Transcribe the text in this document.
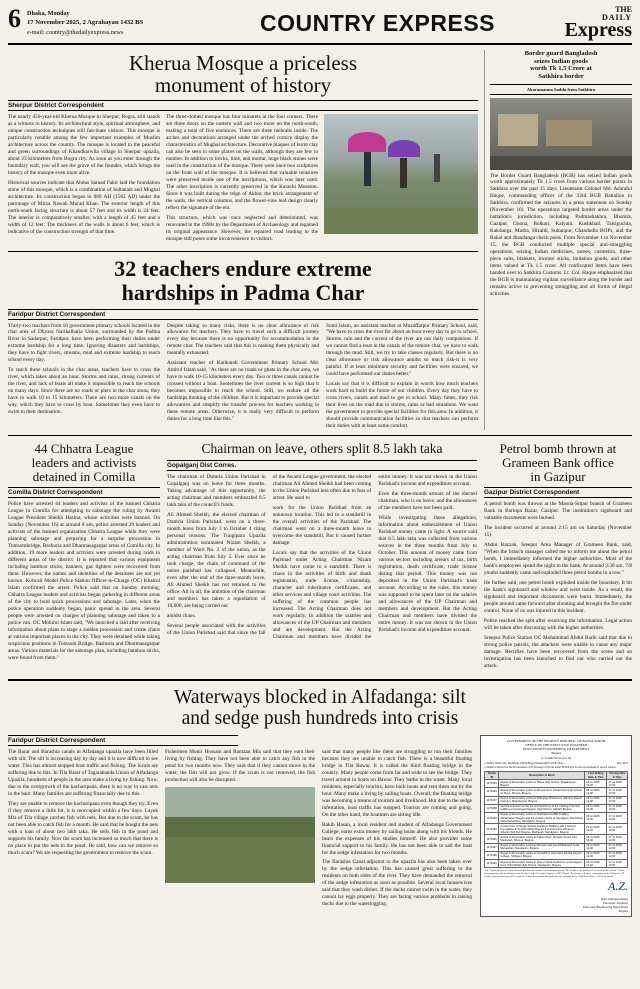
6 Dhaka, Monday
17 November 2025, 2 Agrahayan 1432 BS
e-mail: country@thedailyexpress.news	COUNTRY EXPRESS
THE
DAILY
Express
Kherua Mosque a priceless
monument of history
Sherpur District Correspondent

The nearly 450-year-old Kherua Mosque in Sherpur, Bogra, still stands as a witness to history. Its architectural style, spiritual atmosphere, and unique construction techniques still fascinate visitors. This mosque is particularly notable among the few important examples of Muslim architecture across the country. The mosque is located in the peaceful and green surroundings of Khandkarwila village in Sherpur upazila, about 23 kilometres from Bogra city. As soon as you enter through the boundary wall, you will see the grave of the founder, which brings the history of the mosque even more alive.

Historical sources indicate that Abdus Samad Fakir laid the foundation stone of this mosque, which is a combination of Sultanate and Mughal architecture. Its construction began in 989 AH (1582 AD) under the patronage of Mirza Nawab Murad Khan. The exterior length of this north-south facing structure is about 57 feet and its width is 24 feet. The interior is comparatively smaller, with a length of 45 feet and a width of 12 feet. The thickness of the walls is about 6 feet, which is indicative of the construction strength of that time.

The three-domed mosque has four minarets at the four corners. There are three doors on the eastern wall and two more on the north-south, making a total of five entrances. There are three mehrabs inside. The arches and decorations arranged under the arched cornice display the characteristics of Mughal architecture. Decorative plaques of burnt clay can also be seen in some places on the walls, although they are few in number. In addition to bricks, lime, and mortar, huge black stones were used in the construction of the mosque. There were once two sculptures on the front wall of the mosque. It is believed that valuable treasures were preserved inside one of the inscriptions, which was later used. The other inscription is currently preserved in the Karachi Museum. Since it was built during the reign of Akbar, the brick arrangement of the walls, the vertical columns, and the flower-vine leaf design clearly reflect the signature of the era.

This structure, which was once neglected and deteriorated, was renovated in the 1990s by the Department of Archaeology and regained its original appearance. However, the repaired road leading to the mosque still poses some inconvenience to visitors.

32 teachers endure extreme
hardships in Padma Char
Faridpur District Correspondent

Thirty-two teachers from 10 government primary schools located in the char area of Dhyara Narikelbaria Union, surrounded by the Padma River in Sadarpur, Faridpur, have been performing their duties under extreme hardship for a long time. Ignoring disasters and hardships, they have to fight rivers, streams, mud and extreme hardship to reach school every day.

To reach these schools in the char areas, teachers have to cross the river, which takes about an hour. Storms and rains, strong currents of the river, and lack of boats all make it impossible to reach the schools on many days. Since there are no roads or piers in the char areas, they have to walk 10 to 15 kilometers. There are two more canals on the way, which they have to cross by boat. Sometimes they even have to swim to their destination.

Despite taking so many risks, there is no clear allowance or risk allowance for teachers. They have to travel such a difficult journey every day because there is no opportunity for accommodation in the remote char. The teachers said that this is making them physically and mentally exhausted.

Assistant teacher of Katikandi Government Primary School Md. Amirul Islam said, "As there are no roads or ghats in the char area, we have to walk 10-15 kilometers every day. Two or three canals cannot be crossed without a boat. Sometimes the river current is so high that it becomes impossible to reach the school. Still, we endure all the hardships thinking of the children. But it is important to provide special allowances and simplify the transfer process for teachers working in these remote areas. Otherwise, it is really very difficult to perform duties for a long time like this."

Sumi Islam, an assistant teacher at Muzaffarpur Primary School, said, "We have to cross the river for about an hour every day to go to school. Storms, rain and the current of the river are our daily companions. If we cannot find a boat in the canals of the remote char, we have to walk through the mud. Still, we try to take classes regularly. But there is no clear allowance or risk allowance amidst so much risk-it is very painful. If at least minimum security and facilities were ensured, we could have performed our duties better."

Locals say that it is difficult to explain in words how much teachers work hard to build the future of our children. Every day they have to cross rivers, canals and mud to get to school. Many times, they risk their lives on the road due to storms, rains or bad situations. We want the government to provide special facilities for this area. In addition, it should provide communication facilities so that teachers can perform their duties with at least some comfort.

Border guard Bangladesh
seizes Indian goods
worth Tk 1.5 Crore at
Satkhira border
Akaramanna Sadda from Satkhira

The Border Guard Bangladesh (BGB) has seized Indian goods worth approximately Tk 1.5 crore from various border points in Satkhira over the past 15 days. Lieutenant Colonel Md. Ashraful Haque, commanding officer of the 33rd BGB Battalion in Satkhira, confirmed the seizures in a press statement on Sunday (November 16). The operations targeted border areas under the battalion's jurisdiction, including Padmashakhra, Bhomra, Gazipur, Ghona, Bolkari, Kalyani, Kushkhali, Talsiguchia, Kakdanga, Madra, Hizaldi, Sultanpur, Chandudia BOPs, and the Bakal and Jhaudanga check posts. From November 1 to November 15, the BGB conducted multiple special anti-smuggling operations, seizing Indian medicines, sarees, cosmetics, three-piece suits, blankets, incense sticks, imitation goods, and other items valued at Tk 1.5 crore. All confiscated items have been handed over to Satkhira Customs. Lt. Col. Haque emphasized that the BGB is maintaining vigilant surveillance along the border and remains active in preventing smuggling and all forms of illegal activities.

44 Chhatra League
leaders and activists
detained in Comilla
Comilla District Correspondent

Police have arrested 44 leaders and activists of the banned Chhatra League in Comilla for attempting to sabotage the ruling by Awami League President Sheikh Hasina, whose activities were banned. On Sunday (November 16) at around 8 am, police arrested 29 leaders and activists of the banned organization Chhatra League while they were planning sabotage and preparing for a surprise procession in Tomsombridge, Bashuria and Dharmasagarpar areas of Comilla city. In addition, 19 more leaders and activists were arrested during raids in different areas of the district. It is reported that various equipment including bamboo sticks, banners, gas lighters were recovered from them. However, the names and identities of the detainees are not yet known. Kotwali Model Police Station Officer-in-Charge (OC) Khairul Islam confirmed the arrest. Police said that on Sunday morning, Chhatra League leaders and activists began gathering in different areas of the city to hold quick processions and sabotage. Later, when the police operation suddenly began, panic spread in the area. Several people were arrested on charges of planning sabotage and taken to a police van. OC Mohirul Islam said, "We launched a raid after receiving information about plans to stage a sudden procession and create chaos at various important places in the city. They were detained while taking suspicious positions in Tomsom Bridge, Bashuria and Dharmasagarpar areas. Various materials for the sabotage plan, including bamboo sticks, were found from them."

Chairman on leave, others split 8.5 lakh taka
Gopalganj Dist Corres.

The chairman of Dumria Union Parishad in Gopalganj was on leave for three months. Taking advantage of this opportunity, the acting chairman and members embezzled 8.5 lakh taka of the council's funds.

Ali Ahmed Sheikh, the elected chairman of Dumria Union Parishad, went on a three-month leave from July 3 to October 4 citing personal reasons. The Tungipara Upazila administration nominated Nizam Sheikh, a member of Ward No. 2 of the union, as the acting chairman from July 5. Ever since he took charge, the chain of command of the union parishad has collapsed. Meanwhile, even after the end of the three-month leave, Ali Ahmed Sheikh has not returned to the office. All in all, the ambition of the chairman and members has taken a repudiation of 10,000, are being carried out

amidst chaos.

Several people associated with the activities of the Union Parishad said that since the fall of the Awami League government, the elected chairman Ali Ahmed Sheikh had been coming to the Union Parishad less often due to fear of arrest. He used to

work for the Union Parishad from an unknown location. This led to a standstill in the overall activities of the Parishad. The chairman went on a three-month leave to overcome the standstill. But it caused further damage.

Locals say that the activities of the Union Parishad under Acting Chairman Nizam Sheikh have come to a standstill. There is chaos in the activities of birth and death registration, trade license, citizenship, character and inheritance certificates, and other services and village court activities. The suffering of the common people has increased. The Acting Chairman does not work regularly, In addition the salaries and allowances of the UP Chairman and members and are development. But the Acting Chairman and members have divided the entire money. It was not shown in the Union Parishad's income and expenditure account.

Even the three-month arrears of the elected chairman, who is on leave, and the allowances of the members have not been paid.

While investigating these allegations, information about embezzlement of Union Parishad money came to light. A source said that 8.5 lakh taka was collected from various sources in the three months from July to October. This amount of money came from various sectors including arrears of tax, birth registration, death certificate, trade license during that period. This money was not deposited in the Union Parishad's bank account. According to the rules, this money was supposed to be spent later on the salaries and allowances of the UP Chairman and members and development. But the Acting Chairman and members have divided the entire money. It was not shown in the Union Parishad's income and expenditure account.

Petrol bomb thrown at
Grameen Bank office
in Gazipur
Gazipur District Correspondent

A petrol bomb was thrown at the Maona-Sripur branch of Grameen Bank in Bartopa Bazar, Gazipur. The institution's signboard and valuable documents were burned.

The incident occurred at around 2:15 am on Saturday (November 15).

Abdur Razzak, Sreepur Area Manager of Grameen Bank, said, "When the branch manager called me to inform me about the petrol bomb, I immediately informed the higher authorities. Most of the bank's employees spend the night in the bank. At around 2:30 am, 7/8 youths suddenly came and exploded three petrol bombs in a row."

He further said, one petrol bomb exploded inside the boundary. It hit the bank's signboard and window and went inside. As a result, the signboard and important documents were burnt. Immediately, the people around came forward after shouting and brought the fire under control. None of us was injured in this incident.

Police reached the spot after receiving the information. Legal action will be taken after discussing with the higher authorities.

Sreepur Police Station OC Mohammad Abdul Barik said that due to strong police patrols, the attackers were unable to cause any major damage. Rectifies have been recovered from the scene and an investigation has been launched to find out who carried out the attack.

Waterways blocked in Alfadanga: silt
and sedge push hundreds into crisis
Faridpur District Correspondent

The Barar and Barashia canals in Alfadanga upazila have been filled with silt. The silt is increasing day by day and it is now difficult to see water. This has almost stopped boat traffic and fishing. The locals are suffering due to this. In Tila Barar of Tagarabanda Union of Alfadanga Upazila, hundreds of people in the area make a living by fishing. Now, due to the overgrowth of the kachuripana, there is no way to cast nets in the haor. Many families are suffering financially due to this.

They are unable to remove the kachuripana even though they try. Even if they remove a little bit, it is reoccupied within a few days. Layek Mia of Tila village catches fish with nets. But due to the scum, he has not been able to catch fish for a month. He said that he bought the nets with a loan of about two lakh taka. He sells fish in the pond and supports his family. Now the scum has increased so much that there is no place to put the nets in the pond. He said, how can we remove so much scum? We are requesting the government to remove the scum.

Fishermen Monir Hossain and Ramzan Mia said that they earn their living by fishing. They have not been able to catch any fish in the pond for two months now. They said that if they cannot move in the water, the fish will not grow. If the scum is not removed, the fish production will also be disrupted.

said that many people like them are struggling to run their families because they are unable to catch fish. There is a beautiful floating bridge in Tila Bawar. It is called the third floating bridge in the country. Many people come from far and wide to see the bridge. They travel around in boats on Bawar. They bathe in the water. Many local residents, especially tourists, have built boats and rent them out by the hour. Many make a living by sailing boats. Overall, the floating bridge was becoming a means of tourism and livelihood. But due to the sedge infestation, boat traffic has stopped. Tourists are coming and going. On the other hand, the boatmen are sitting idle.

Rakib Hasan, a local resident and student of Alfadanga Government College, earns extra money by sailing boats along with his friends. He bears the expenses of his studies himself. He also provides some financial support to his family. He has not been able to sail the boat for the sedge infestation for two months.

The Barashia Canal adjacent to the upazila has also been taken over by the sedge infestation. This has caused great suffering to the residents on both sides of the river. They have demanded the removal of the sedge infestation as soon as possible. Several local housewives said that they wash dishes. If the ducks cannot swim in the water, they cannot lay eggs properly. They are facing various problems in raising ducks due to the waterlogging.

GOVERNMENT OF THE PEOPLE'S REPUBLIC OF BANGLADESH
OFFICE OF THE EXECUTIVE ENGINEER
EDUCATION ENGINEERING DEPARTMENT
Bagura
w: beidbrbrcse.gov.bd
e-Tender Notice No. Bodhnaliya/EED/Bogra/Tender/2025-2026/ Date: ...	Ref: 2025
e-Tender is invited for the Procurement of 25 Packages of Works under EED Bogra for the procurement of several tenders.
Tender ID	Description of Work	Last Selling Date & Time	Closing Date & Time
1176455	Repair & Renovation works at Talora High School, Shajahanpur, Bogura	26.11.2025 13.00	27.11.2025 13.00
1176456	Repair & Renovation works at Dhunat Govt. Model Pilot High School for Boys, Dhunat, Bogura	26.11.2025 13.00	27.11.2025 13.00
1176457	Repair & Renovation works at Shibganjo Professors Islampur Daurd Nazrulm, Shajahanpur, Bogura	26.11.2025 13.00	27.11.2025 13.00
1176458	Vertical extension of the 1st and 2nd floors of the existing 3 storied building at Gosaingai Kaigaon High School, Gabtali, Bogura	26.11.2025 13.00	27.11.2025 13.00
1176459	Repair & Renovation works at Akashjara Gul Bibi building Akhabhaban Bogura and Renovation works at Nandigram Dhunduria Kulla Mahasthan, Nandigram, Bogura	26.11.2025 13.00	27.11.2025 13.00
1176460	Construction of Single Storied Academic Building with 4 Storied Foundation at Seiyhar Milani Bogura & Construction Works at Adigram MA Fazil Degree Madrasah, Nandigram, Bogura	26.11.2025 13.00	27.11.2025 13.00
1176459	Repair & Renovation works at Pallavi Shah Jamadra Senior Alim Madrasah, Sherpur, Bogura	26.11.2025 13.00	27.11.2025 13.00
1176457	Repair & Renovation works at Dhunanmata Kamil Madrasah Kulla Mahasthan, Nandigram, Bogura	26.11.2025 13.00	27.11.2025 13.00
1176458	Repair & Renovation works at Chowdhury Hammana Mohila Degree College, Shibganj, Bogura	26.11.2025 13.00	27.11.2025 13.00
1176456	Repair & Renovation works at Sherer Plaza Auditorium at Nandigram Govt. Pilot Model High School, Nandigram, Bogura	26.11.2025 13.00	27.11.2025 13.00
N.B. Tender documents can be downloaded from the website www.eprocure.gov.bd. The details of the tender will be found on the website. Tender documents can also be obtained from the office of the Executive Engineer, EED, Bogura. To activate e-Tenders, registration for the National e-GP Portal (www.eprocure.gov.bd) is required. Further information and guidelines are available in the Guidelines of the e-GP Procurement.
A.Z.
(Md. Ashiquzzaman)
Executive Engineer
Education Engineering Department
Bogura
